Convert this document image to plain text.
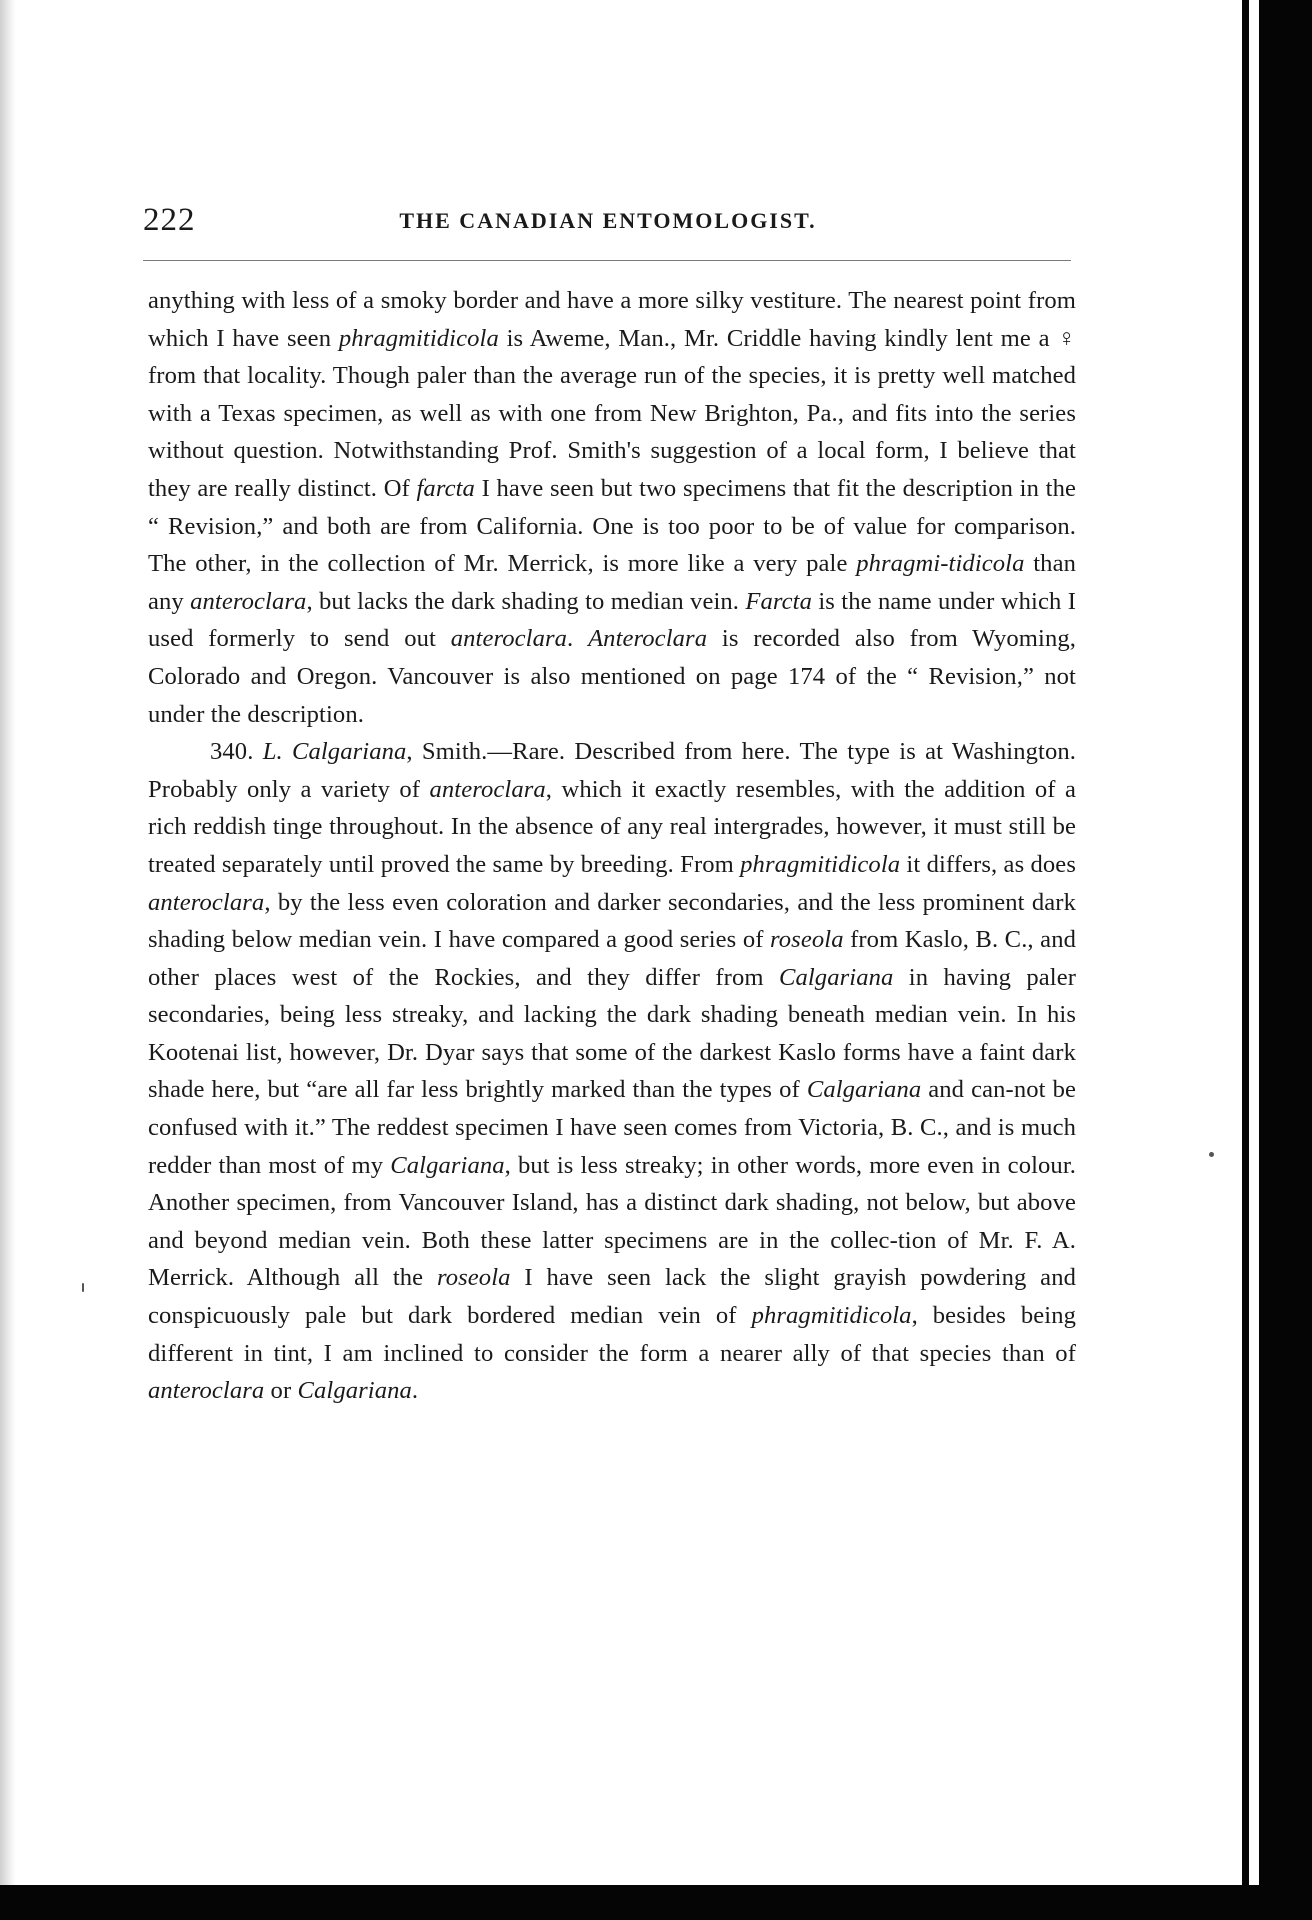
222	THE CANADIAN ENTOMOLOGIST.

anything with less of a smoky border and have a more silky vestiture. The nearest point from which I have seen phragmitidicola is Aweme, Man., Mr. Criddle having kindly lent me a ♀ from that locality. Though paler than the average run of the species, it is pretty well matched with a Texas specimen, as well as with one from New Brighton, Pa., and fits into the series without question. Notwithstanding Prof. Smith's suggestion of a local form, I believe that they are really distinct. Of farcta I have seen but two specimens that fit the description in the “ Revision,” and both are from California. One is too poor to be of value for comparison. The other, in the collection of Mr. Merrick, is more like a very pale phragmi-tidicola than any anteroclara, but lacks the dark shading to median vein. Farcta is the name under which I used formerly to send out anteroclara. Anteroclara is recorded also from Wyoming, Colorado and Oregon. Vancouver is also mentioned on page 174 of the “ Revision,” not under the description.

340. L. Calgariana, Smith.—Rare. Described from here. The type is at Washington. Probably only a variety of anteroclara, which it exactly resembles, with the addition of a rich reddish tinge throughout. In the absence of any real intergrades, however, it must still be treated separately until proved the same by breeding. From phragmitidicola it differs, as does anteroclara, by the less even coloration and darker secondaries, and the less prominent dark shading below median vein. I have compared a good series of roseola from Kaslo, B. C., and other places west of the Rockies, and they differ from Calgariana in having paler secondaries, being less streaky, and lacking the dark shading beneath median vein. In his Kootenai list, however, Dr. Dyar says that some of the darkest Kaslo forms have a faint dark shade here, but “are all far less brightly marked than the types of Calgariana and can-not be confused with it.” The reddest specimen I have seen comes from Victoria, B. C., and is much redder than most of my Calgariana, but is less streaky; in other words, more even in colour. Another specimen, from Vancouver Island, has a distinct dark shading, not below, but above and beyond median vein. Both these latter specimens are in the collec-tion of Mr. F. A. Merrick. Although all the roseola I have seen lack the slight grayish powdering and conspicuously pale but dark bordered median vein of phragmitidicola, besides being different in tint, I am inclined to consider the form a nearer ally of that species than of anteroclara or Calgariana.
